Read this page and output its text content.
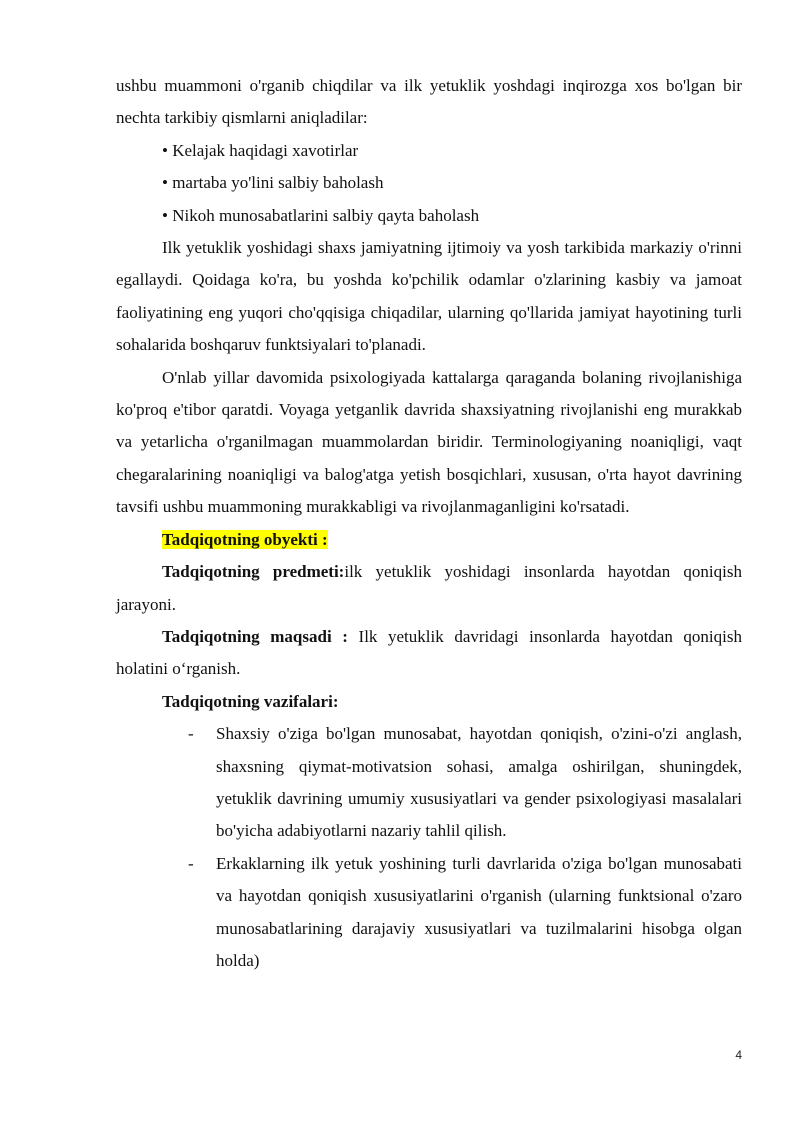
ushbu muammoni o'rganib chiqdilar va ilk yetuklik yoshdagi inqirozga xos bo'lgan bir nechta tarkibiy qismlarni aniqladilar:

• Kelajak haqidagi xavotirlar

• martaba yo'lini salbiy baholash

• Nikoh munosabatlarini salbiy qayta baholash

Ilk yetuklik yoshidagi shaxs jamiyatning ijtimoiy va yosh tarkibida markaziy o'rinni egallaydi. Qoidaga ko'ra, bu yoshda ko'pchilik odamlar o'zlarining kasbiy va jamoat faoliyatining eng yuqori cho'qqisiga chiqadilar, ularning qo'llarida jamiyat hayotining turli sohalarida boshqaruv funktsiyalari to'planadi.

O'nlab yillar davomida psixologiyada kattalarga qaraganda bolaning rivojlanishiga ko'proq e'tibor qaratdi. Voyaga yetganlik davrida shaxsiyatning rivojlanishi eng murakkab va yetarlicha o'rganilmagan muammolardan biridir. Terminologiyaning noaniqligi, vaqt chegaralarining noaniqligi va balog'atga yetish bosqichlari, xususan, o'rta hayot davrining tavsifi ushbu muammoning murakkabligi va rivojlanmaganligini ko'rsatadi.

Tadqiqotning obyekti :

Tadqiqotning predmeti:ilk yetuklik yoshidagi insonlarda hayotdan qoniqish jarayoni.

Tadqiqotning maqsadi : Ilk yetuklik davridagi insonlarda hayotdan qoniqish holatini o‘rganish.

Tadqiqotning vazifalari:

- Shaxsiy o'ziga bo'lgan munosabat, hayotdan qoniqish, o'zini-o'zi anglash, shaxsning qiymat-motivatsion sohasi, amalga oshirilgan, shuningdek, yetuklik davrining umumiy xususiyatlari va gender psixologiyasi masalalari bo'yicha adabiyotlarni nazariy tahlil qilish.
- Erkaklarning ilk yetuk yoshining turli davrlarida o'ziga bo'lgan munosabati va hayotdan qoniqish xususiyatlarini o'rganish (ularning funktsional o'zaro munosabatlarining darajaviy xususiyatlari va tuzilmalarini hisobga olgan holda)
4
